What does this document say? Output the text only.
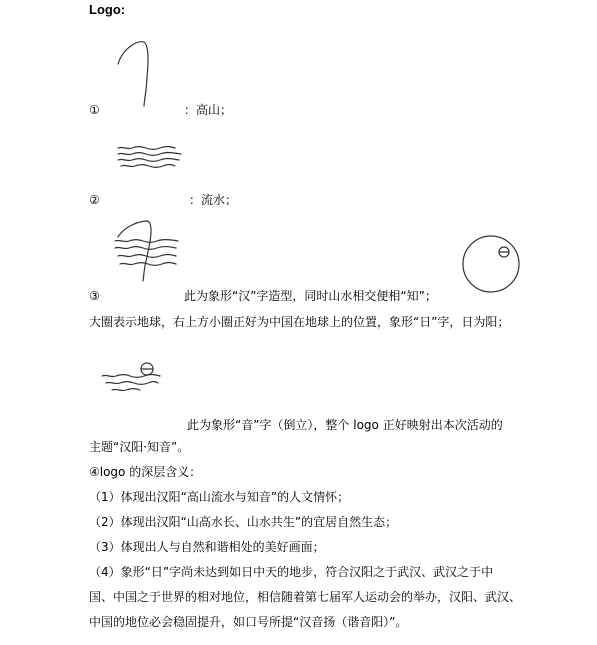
Logo:
①	：高山；
②	：流水；
③	此为象形“汉”字造型，同时山水相交便相“知”；
大圈表示地球，右上方小圈正好为中国在地球上的位置，象形“日”字，日为阳；
此为象形“音”字（倒立），整个 logo 正好映射出本次活动的
主题“汉阳·知音”。
④logo 的深层含义：
（1）体现出汉阳“高山流水与知音”的人文情怀；
（2）体现出汉阳“山高水长、山水共生”的宜居自然生态；
（3）体现出人与自然和谐相处的美好画面；
（4）象形“日”字尚未达到如日中天的地步，符合汉阳之于武汉、武汉之于中
国、中国之于世界的相对地位，相信随着第七届军人运动会的举办，汉阳、武汉、
中国的地位必会稳固提升，如口号所提“汉音扬（谐音阳）”。
